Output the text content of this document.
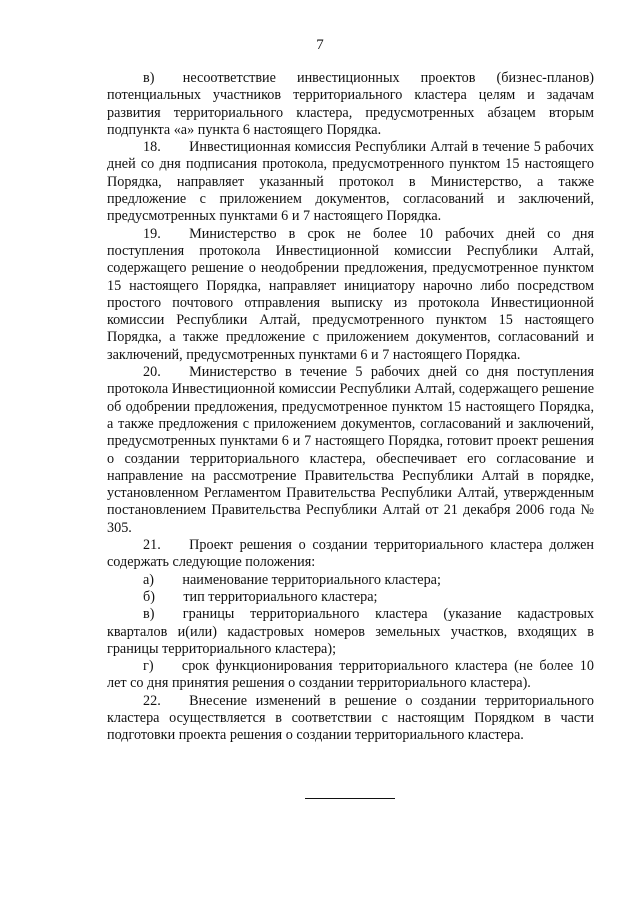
7

в)  несоответствие инвестиционных проектов (бизнес-планов) потенциальных участников территориального кластера целям и задачам развития территориального кластера, предусмотренных абзацем вторым подпункта «а» пункта 6 настоящего Порядка.

18.  Инвестиционная комиссия Республики Алтай в течение 5 рабочих дней со дня подписания протокола, предусмотренного пунктом 15 настоящего Порядка, направляет указанный протокол в Министерство, а также предложение с приложением документов, согласований и заключений, предусмотренных пунктами 6 и 7 настоящего Порядка.

19.  Министерство в срок не более 10 рабочих дней со дня поступления протокола Инвестиционной комиссии Республики Алтай, содержащего решение о неодобрении предложения, предусмотренное пунктом 15 настоящего Порядка, направляет инициатору нарочно либо посредством простого почтового отправления выписку из протокола Инвестиционной комиссии Республики Алтай, предусмотренного пунктом 15 настоящего Порядка, а также предложение с приложением документов, согласований и заключений, предусмотренных пунктами 6 и 7 настоящего Порядка.

20.  Министерство в течение 5 рабочих дней со дня поступления протокола Инвестиционной комиссии Республики Алтай, содержащего решение об одобрении предложения, предусмотренное пунктом 15 настоящего Порядка, а также предложения с приложением документов, согласований и заключений, предусмотренных пунктами 6 и 7 настоящего Порядка, готовит проект решения о создании территориального кластера, обеспечивает его согласование и направление на рассмотрение Правительства Республики Алтай в порядке, установленном Регламентом Правительства Республики Алтай, утвержденным постановлением Правительства Республики Алтай от 21 декабря 2006 года № 305.

21.  Проект решения о создании территориального кластера должен содержать следующие положения:

а)  наименование территориального кластера;

б)  тип территориального кластера;

в)  границы территориального кластера (указание кадастровых кварталов и(или) кадастровых номеров земельных участков, входящих в границы территориального кластера);

г)  срок функционирования территориального кластера (не более 10 лет со дня принятия решения о создании территориального кластера).

22.  Внесение изменений в решение о создании территориального кластера осуществляется в соответствии с настоящим Порядком в части подготовки проекта решения о создании территориального кластера.
